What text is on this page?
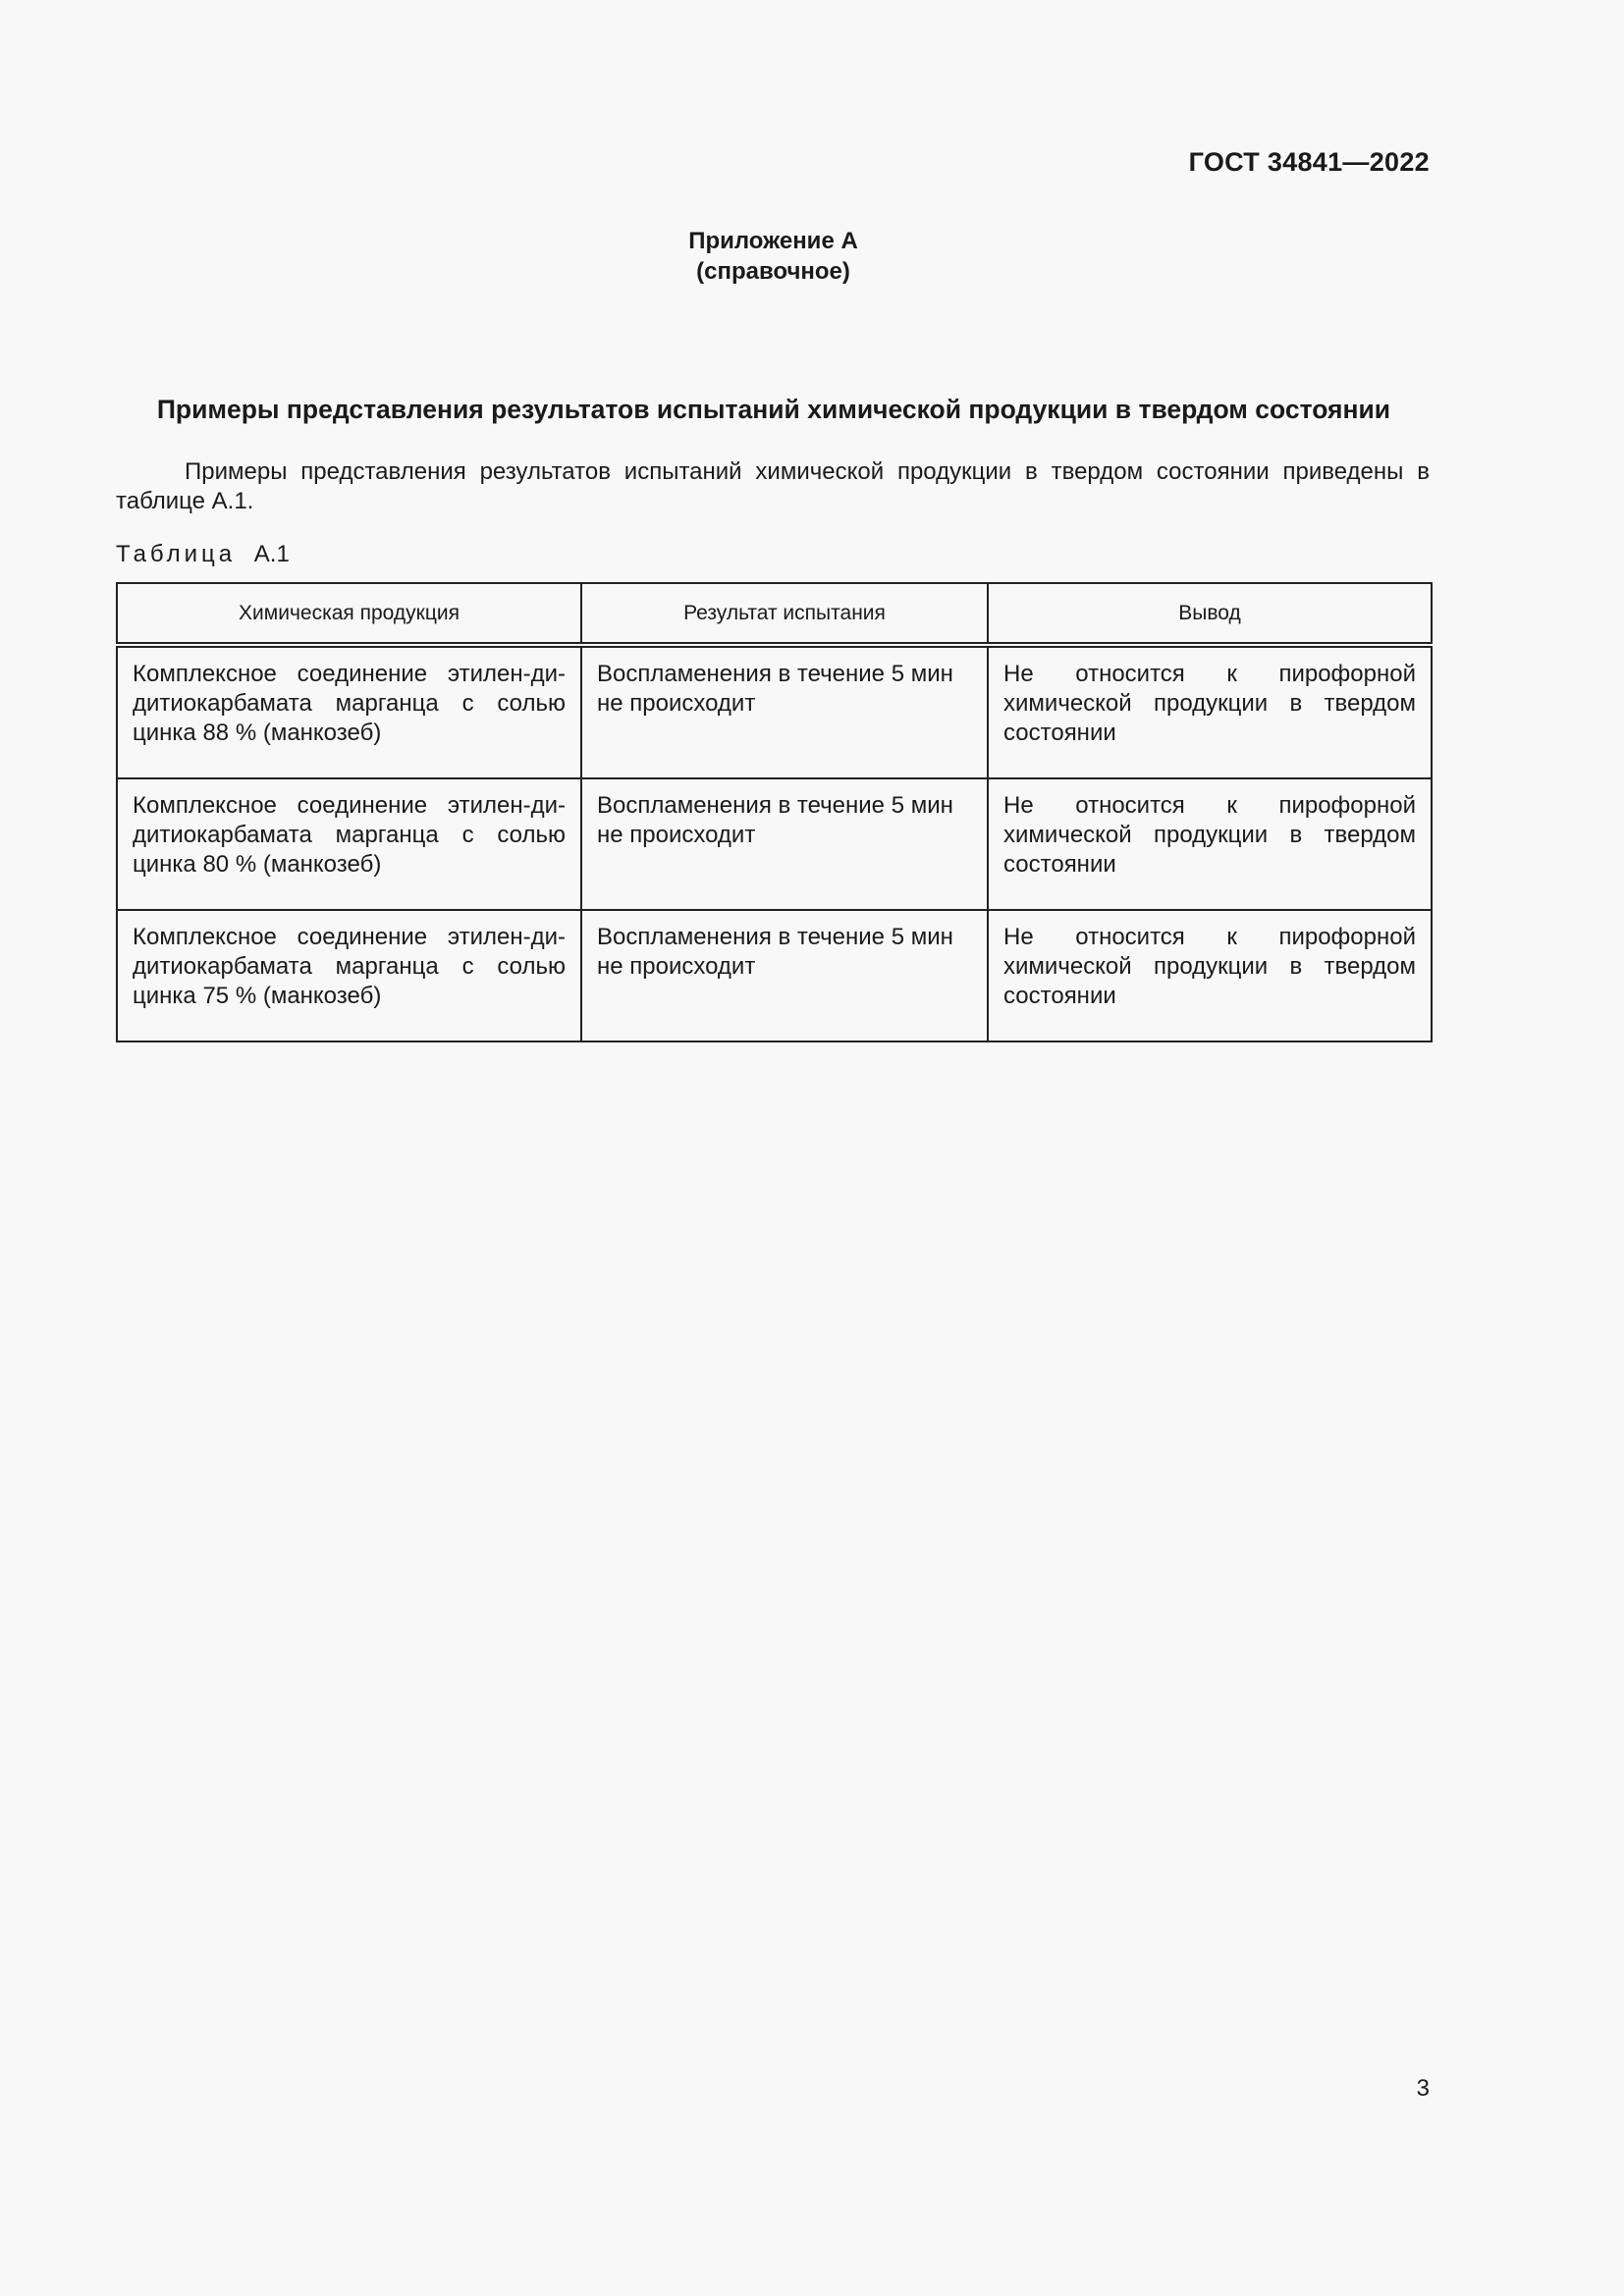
ГОСТ 34841—2022
Приложение А
(справочное)
Примеры представления результатов испытаний химической продукции в твердом состоянии

Примеры представления результатов испытаний химической продукции в твердом состоянии приведены в таблице А.1.

Таблица А.1
Химическая продукция	Результат испытания	Вывод
Комплексное соединение этилен-ди-дитиокарбамата марганца с солью цинка 88 % (манкозеб)	Воспламенения в течение 5 мин не происходит	Не относится к пирофорной химической продукции в твердом состоянии
Комплексное соединение этилен-ди-дитиокарбамата марганца с солью цинка 80 % (манкозеб)	Воспламенения в течение 5 мин не происходит	Не относится к пирофорной химической продукции в твердом состоянии
Комплексное соединение этилен-ди-дитиокарбамата марганца с солью цинка 75 % (манкозеб)	Воспламенения в течение 5 мин не происходит	Не относится к пирофорной химической продукции в твердом состоянии
3
